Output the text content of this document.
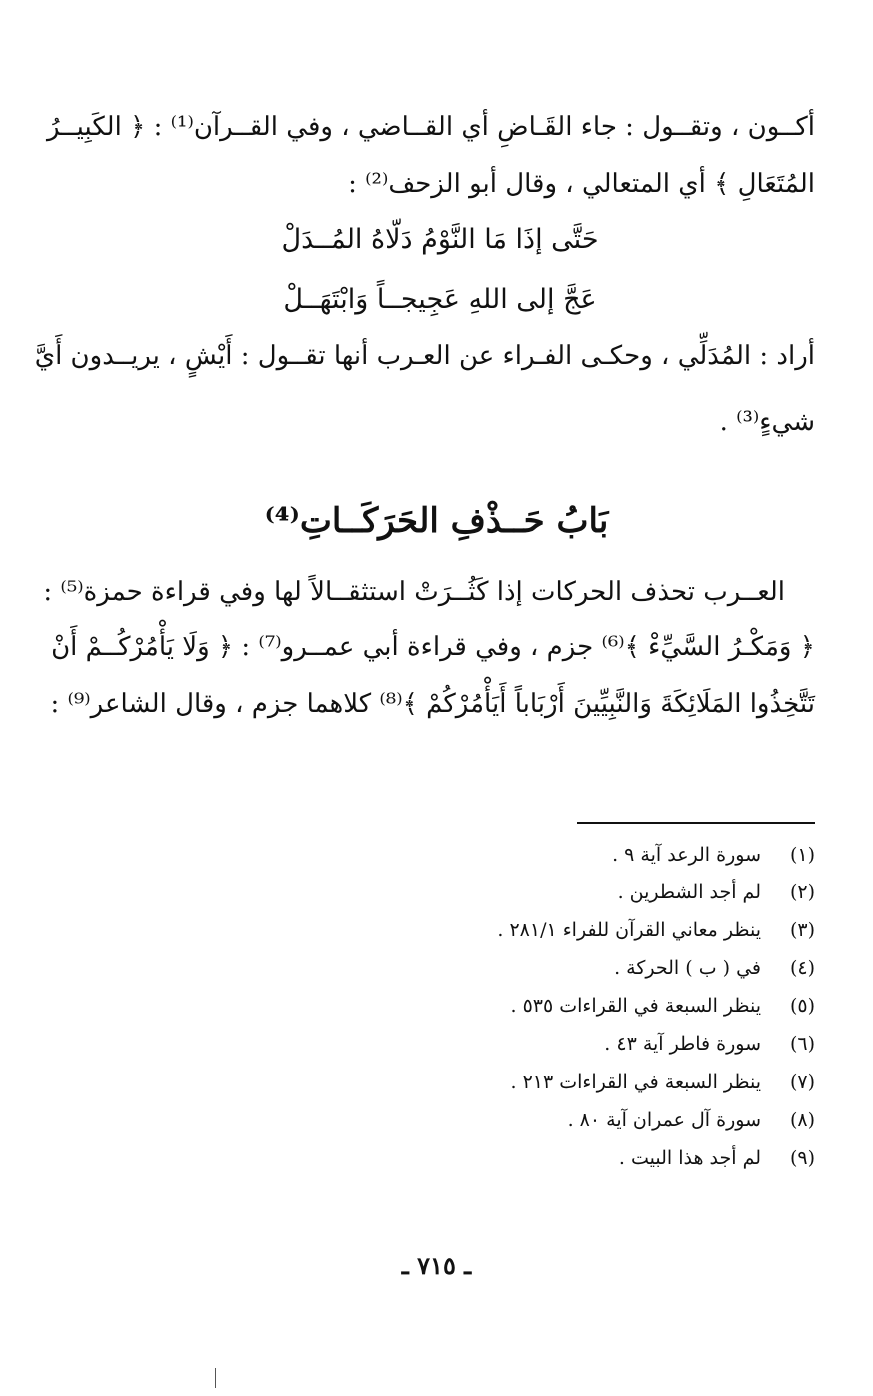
أكــون ، وتقــول : جاء القَـاضِ أي القــاضي ، وفي القــرآن⁽¹⁾ : ﴿ الكَبِيــرُ
المُتَعَالِ ﴾ أي المتعالي ، وقال أبو الزحف⁽²⁾ :
حَتَّى إذَا مَا النَّوْمُ دَلّاهُ المُــدَلْ
عَجَّ إلى اللهِ عَجِيجــاً وَابْتَهَــلْ
أراد : المُدَلِّي ، وحكـى الفـراء عن العـرب أنها تقــول : أَيْشٍ ، يريــدون أَيَّ
شيءٍ⁽³⁾ .
بَابُ حَــذْفِ الحَرَكَــاتِ⁽⁴⁾
العــرب تحذف الحركات إذا كَثُــرَتْ استثقــالاً لها وفي قراءة حمزة⁽⁵⁾ :
﴿ وَمَكْـرُ السَّيِّءْ ﴾⁽⁶⁾ جزم ، وفي قراءة أبي عمــرو⁽⁷⁾ : ﴿ وَلَا يَأْمُرْكُــمْ أَنْ
تَتَّخِذُوا المَلَائِكَةَ وَالنَّبِيِّينَ أَرْبَاباً أَيَأْمُرْكُمْ ﴾⁽⁸⁾ كلاهما جزم ، وقال الشاعر⁽⁹⁾ :
(١)سورة الرعد آية ٩ .
(٢)لم أجد الشطرين .
(٣)ينظر معاني القرآن للفراء ٢٨١/١ .
(٤)في ( ب ) الحركة .
(٥)ينظر السبعة في القراءات ٥٣٥ .
(٦)سورة فاطر آية ٤٣ .
(٧)ينظر السبعة في القراءات ٢١٣ .
(٨)سورة آل عمران آية ٨٠ .
(٩)لم أجد هذا البيت .
ـ ٧١٥ ـ
